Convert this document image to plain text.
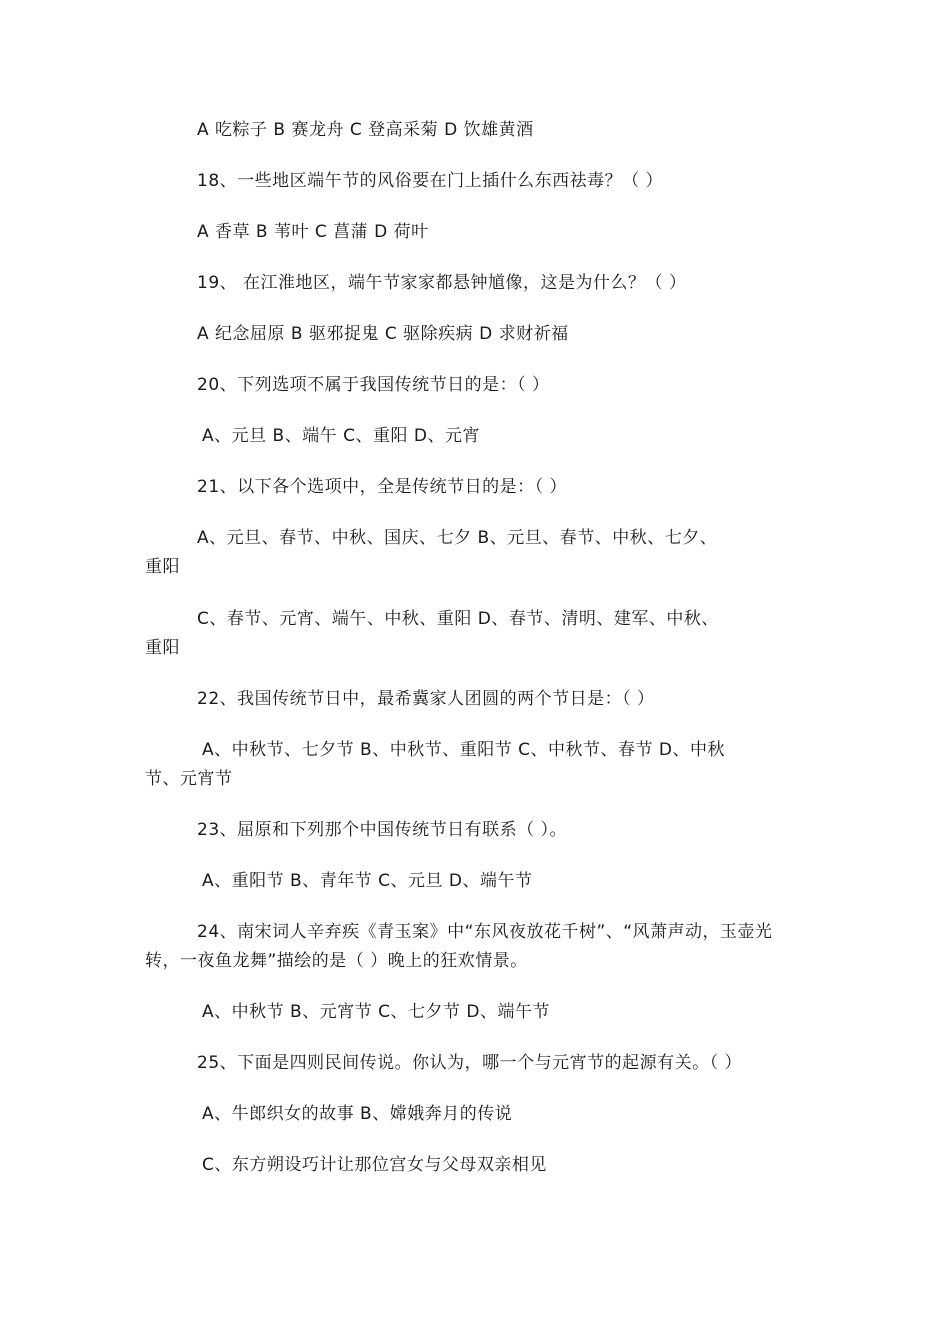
A 吃粽子 B 赛龙舟 C 登高采菊 D 饮雄黄酒
18、一些地区端午节的风俗要在门上插什么东西祛毒？（ ）
A 香草 B 苇叶 C 菖蒲 D 荷叶
19、 在江淮地区，端午节家家都悬钟馗像，这是为什么？（ ）
A 纪念屈原 B 驱邪捉鬼 C 驱除疾病 D 求财祈福
20、下列选项不属于我国传统节日的是：（ ）
A、元旦 B、端午 C、重阳 D、元宵
21、以下各个选项中，全是传统节日的是：（ ）
A、元旦、春节、中秋、国庆、七夕 B、元旦、春节、中秋、七夕、
重阳
C、春节、元宵、端午、中秋、重阳 D、春节、清明、建军、中秋、
重阳
22、我国传统节日中，最希冀家人团圆的两个节日是：（ ）
A、中秋节、七夕节 B、中秋节、重阳节 C、中秋节、春节 D、中秋
节、元宵节
23、屈原和下列那个中国传统节日有联系（ ）。
A、重阳节 B、青年节 C、元旦 D、端午节
24、南宋词人辛弃疾《青玉案》中“东风夜放花千树”、“风萧声动，玉壶光
转，一夜鱼龙舞”描绘的是（ ）晚上的狂欢情景。
A、中秋节 B、元宵节 C、七夕节 D、端午节
25、下面是四则民间传说。你认为，哪一个与元宵节的起源有关。（ ）
A、牛郎织女的故事 B、嫦娥奔月的传说
C、东方朔设巧计让那位宫女与父母双亲相见
